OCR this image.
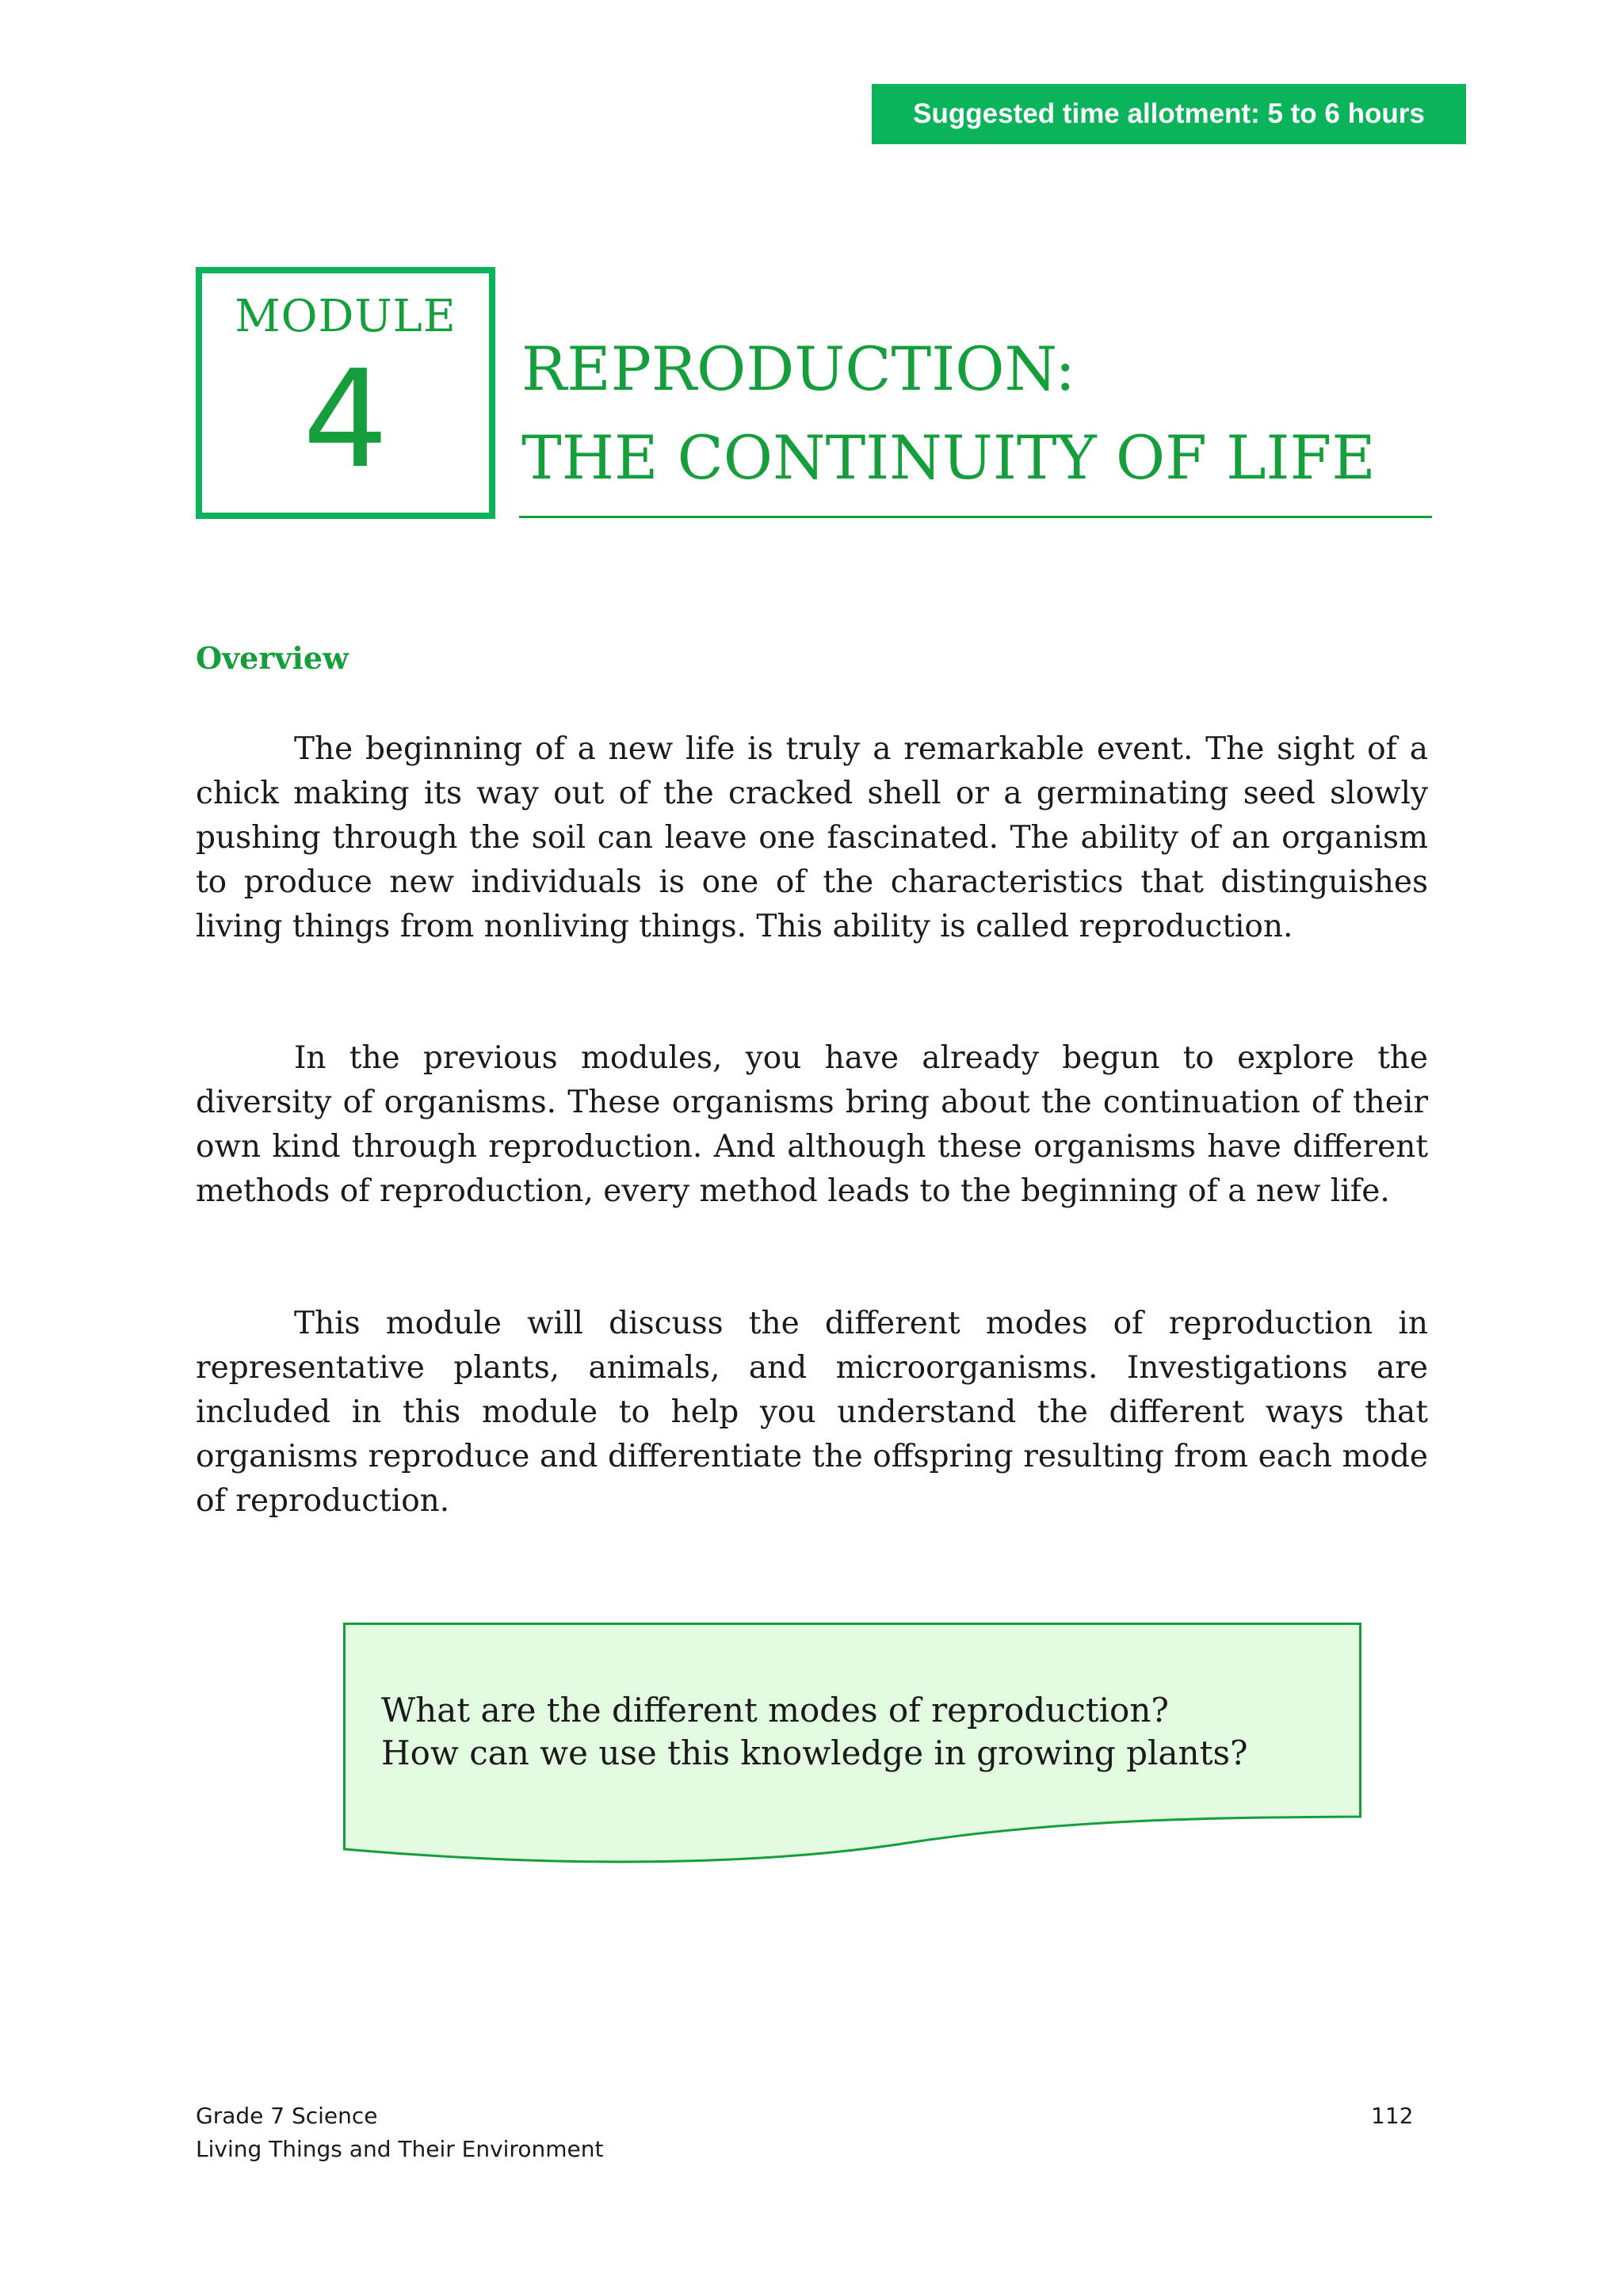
Suggested time allotment: 5 to 6 hours
MODULE
4	REPRODUCTION:
THE CONTINUITY OF LIFE
Overview

The beginning of a new life is truly a remarkable event. The sight of a chick making its way out of the cracked shell or a germinating seed slowly pushing through the soil can leave one fascinated. The ability of an organism to produce new individuals is one of the characteristics that distinguishes living things from nonliving things. This ability is called reproduction.

In the previous modules, you have already begun to explore the diversity of organisms. These organisms bring about the continuation of their own kind through reproduction. And although these organisms have different methods of reproduction, every method leads to the beginning of a new life.

This module will discuss the different modes of reproduction in representative plants, animals, and microorganisms. Investigations are included in this module to help you understand the different ways that organisms reproduce and differentiate the offspring resulting from each mode of reproduction.

What are the different modes of reproduction?
How can we use this knowledge in growing plants?
Grade 7 Science
Living Things and Their Environment
112
